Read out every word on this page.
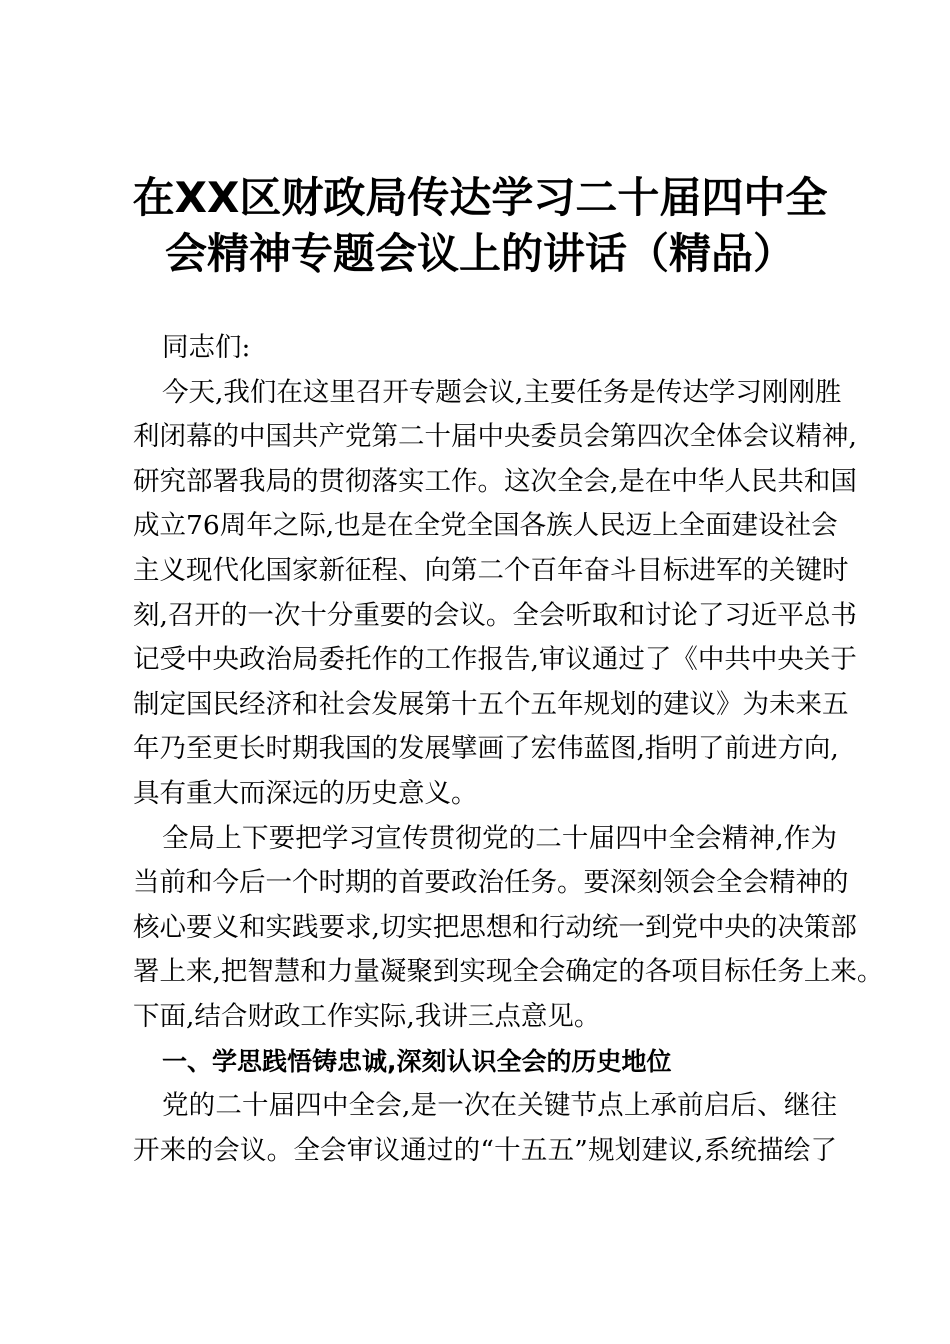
在XX区财政局传达学习二十届四中全
会精神专题会议上的讲话（精品）
同志们:
今天,我们在这里召开专题会议,主要任务是传达学习刚刚胜
利闭幕的中国共产党第二十届中央委员会第四次全体会议精神,
研究部署我局的贯彻落实工作。这次全会,是在中华人民共和国
成立76周年之际,也是在全党全国各族人民迈上全面建设社会
主义现代化国家新征程、向第二个百年奋斗目标进军的关键时
刻,召开的一次十分重要的会议。全会听取和讨论了习近平总书
记受中央政治局委托作的工作报告,审议通过了《中共中央关于
制定国民经济和社会发展第十五个五年规划的建议》为未来五
年乃至更长时期我国的发展擘画了宏伟蓝图,指明了前进方向,
具有重大而深远的历史意义。
全局上下要把学习宣传贯彻党的二十届四中全会精神,作为
当前和今后一个时期的首要政治任务。要深刻领会全会精神的
核心要义和实践要求,切实把思想和行动统一到党中央的决策部
署上来,把智慧和力量凝聚到实现全会确定的各项目标任务上来。
下面,结合财政工作实际,我讲三点意见。
一、学思践悟铸忠诚,深刻认识全会的历史地位
党的二十届四中全会,是一次在关键节点上承前启后、继往
开来的会议。全会审议通过的“十五五”规划建议,系统描绘了
